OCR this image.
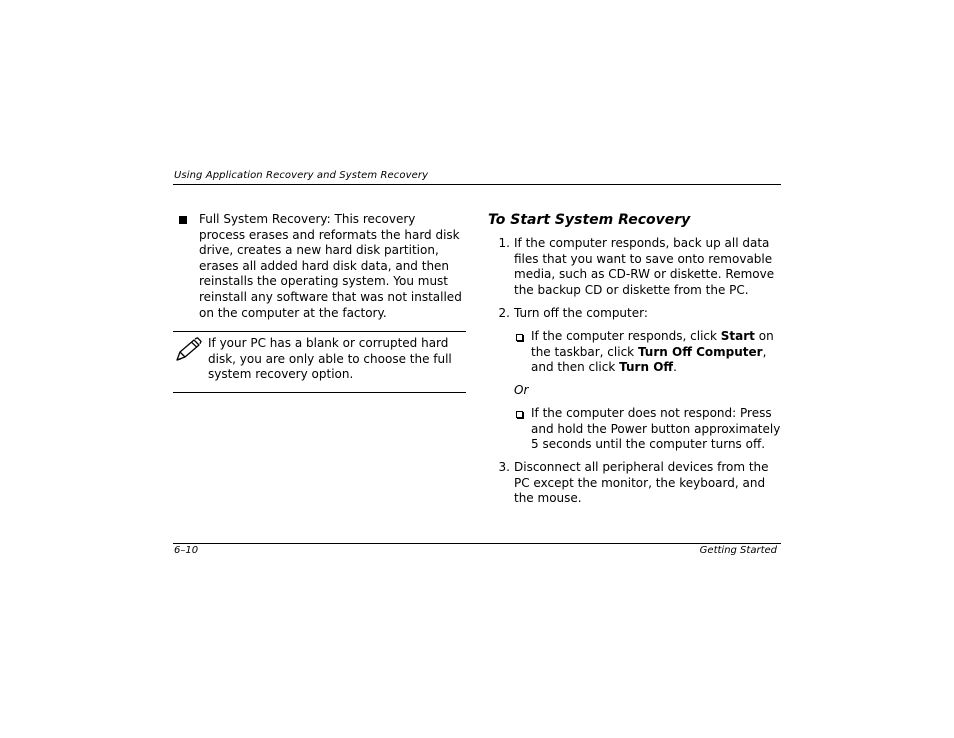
Using Application Recovery and System Recovery
Full System Recovery: This recovery process erases and reformats the hard disk drive, creates a new hard disk partition, erases all added hard disk data, and then reinstalls the operating system. You must reinstall any software that was not installed on the computer at the factory.
If your PC has a blank or corrupted hard disk, you are only able to choose the full system recovery option.
To Start System Recovery
1. If the computer responds, back up all data files that you want to save onto removable media, such as CD-RW or diskette. Remove the backup CD or diskette from the PC.
2. Turn off the computer:
If the computer responds, click Start on the taskbar, click Turn Off Computer, and then click Turn Off.
Or
If the computer does not respond: Press and hold the Power button approximately 5 seconds until the computer turns off.
3. Disconnect all peripheral devices from the PC except the monitor, the keyboard, and the mouse.
6–10	Getting Started
